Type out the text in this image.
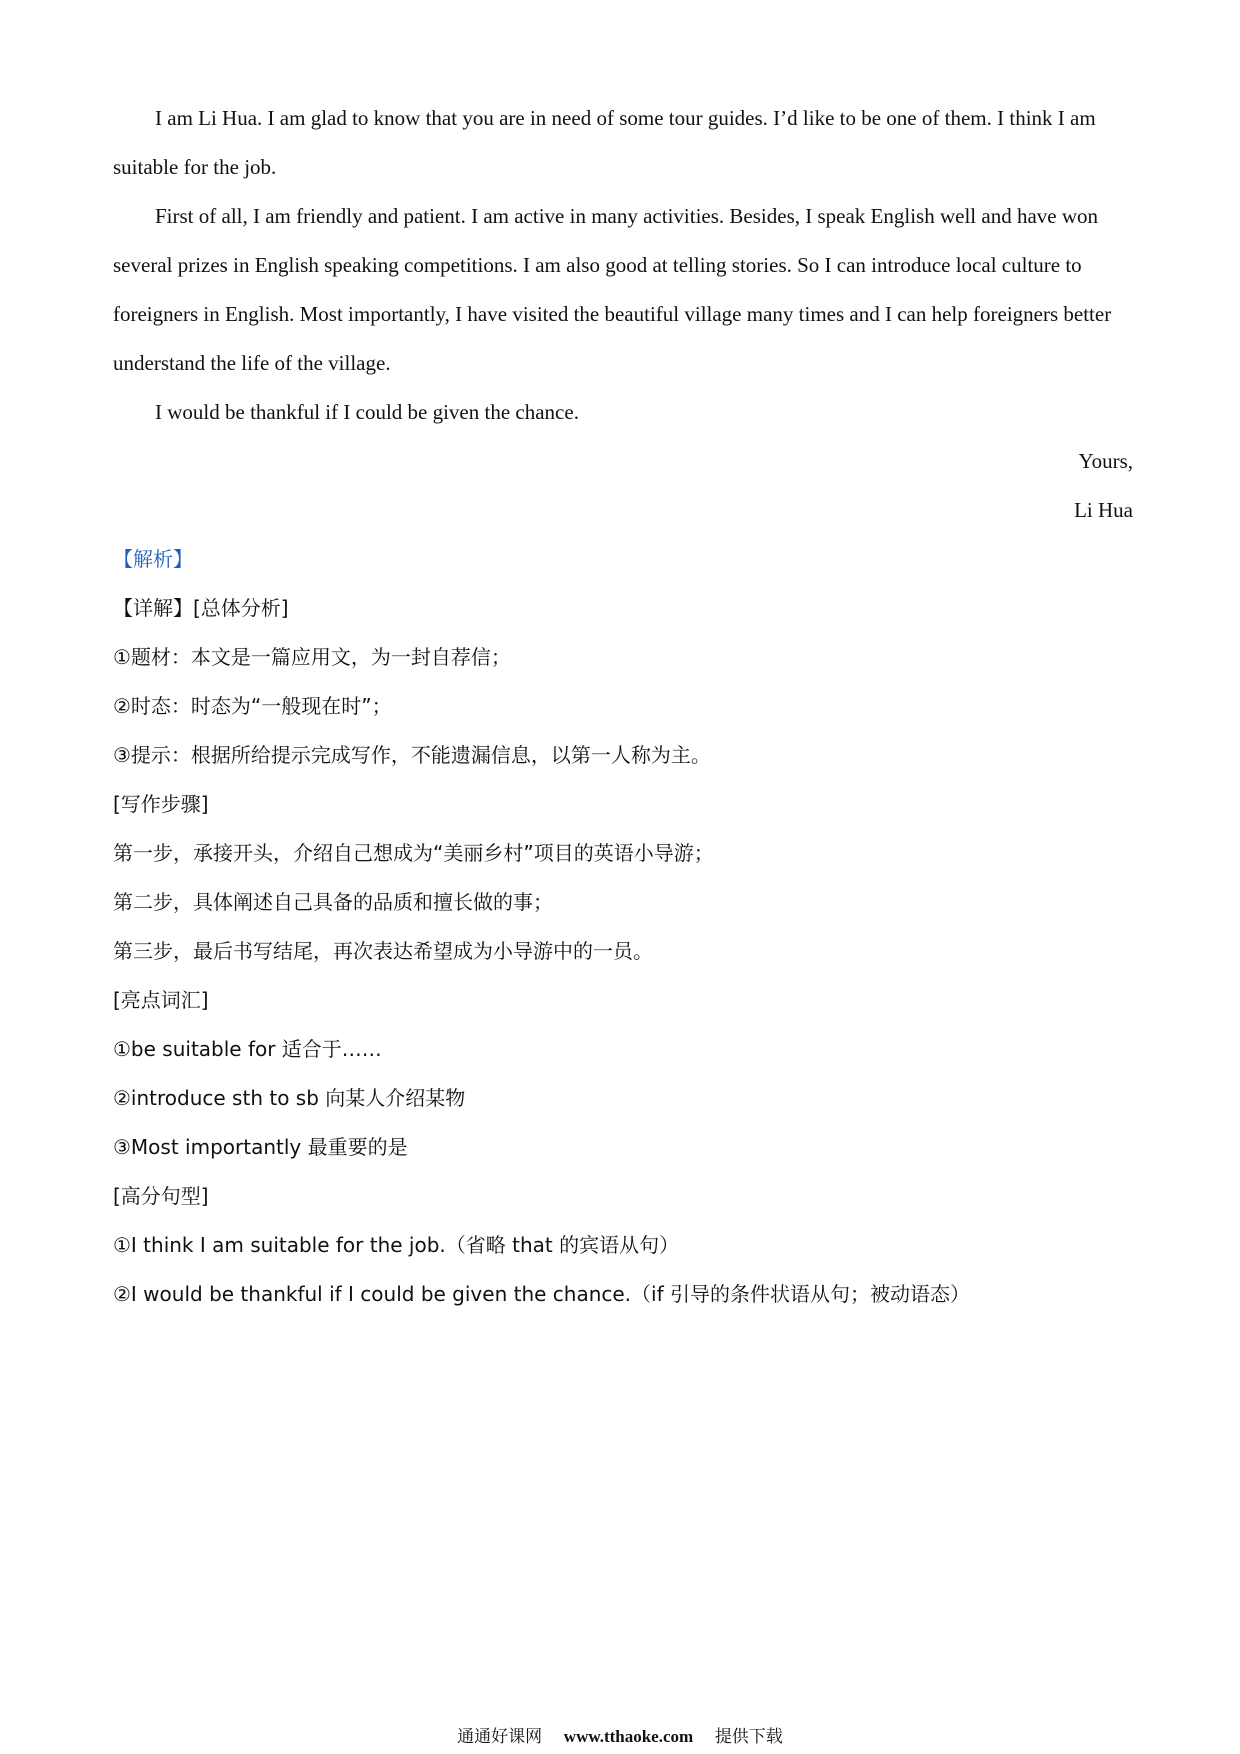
I am Li Hua. I am glad to know that you are in need of some tour guides. I’d like to be one of them. I think I am suitable for the job.

First of all, I am friendly and patient. I am active in many activities. Besides, I speak English well and have won several prizes in English speaking competitions. I am also good at telling stories. So I can introduce local culture to foreigners in English. Most importantly, I have visited the beautiful village many times and I can help foreigners better understand the life of the village.

I would be thankful if I could be given the chance.

Yours,
Li Hua
【解析】
【详解】[总体分析]
①题材：本文是一篇应用文，为一封自荐信；
②时态：时态为“一般现在时”；
③提示：根据所给提示完成写作，不能遗漏信息，以第一人称为主。
[写作步骤]
第一步，承接开头，介绍自己想成为“美丽乡村”项目的英语小导游；
第二步，具体阐述自己具备的品质和擅长做的事；
第三步，最后书写结尾，再次表达希望成为小导游中的一员。
[亮点词汇]
①be suitable for 适合于……
②introduce sth to sb 向某人介绍某物
③Most importantly 最重要的是
[高分句型]
①I think I am suitable for the job.（省略 that 的宾语从句）
②I would be thankful if I could be given the chance.（if 引导的条件状语从句；被动语态）
通通好课网 www.tthaoke.com 提供下载
